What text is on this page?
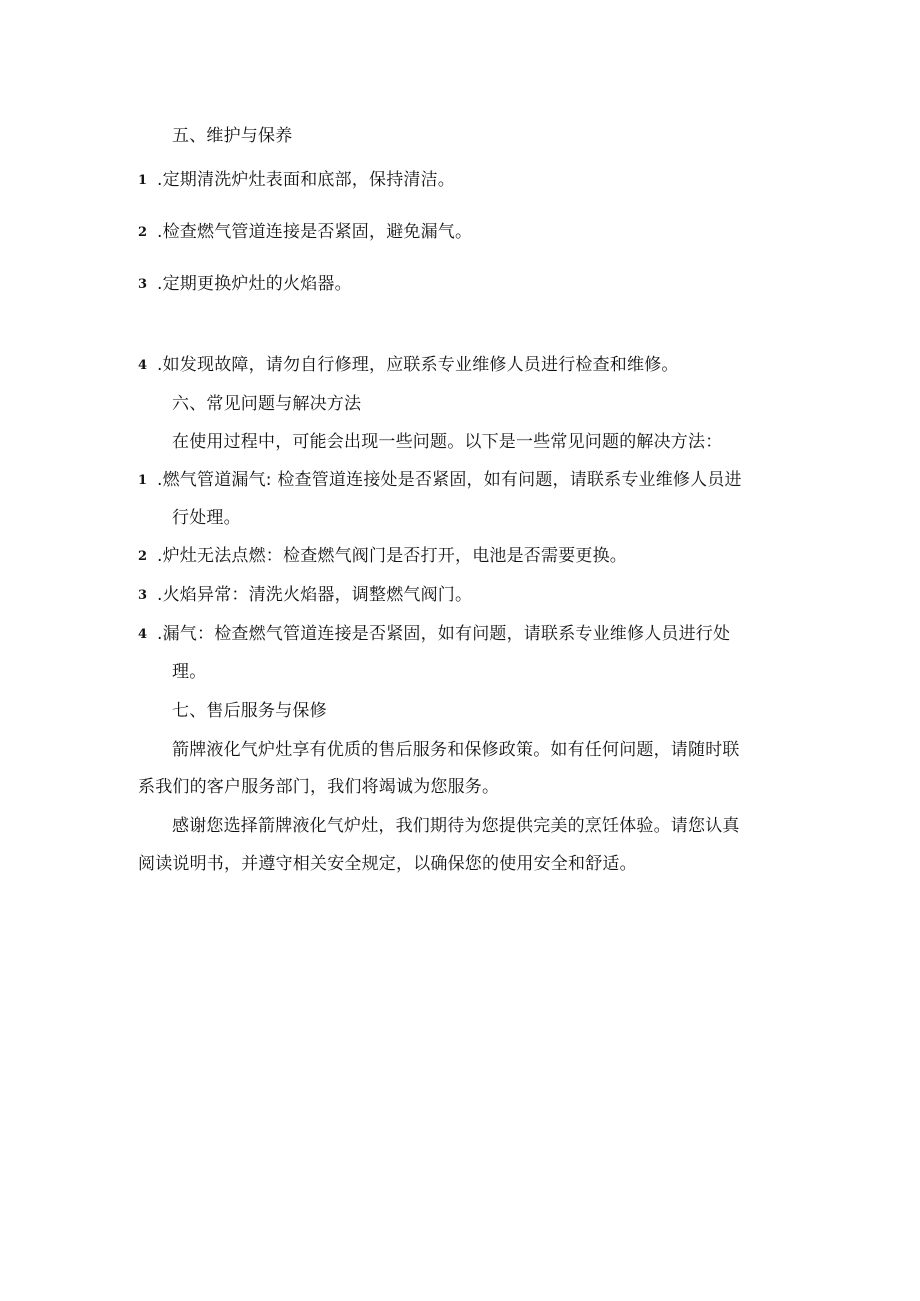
五、维护与保养
1 .定期清洗炉灶表面和底部，保持清洁。
2 .检查燃气管道连接是否紧固，避免漏气。
3 .定期更换炉灶的火焰器。
4 .如发现故障，请勿自行修理，应联系专业维修人员进行检查和维修。
六、常见问题与解决方法
在使用过程中，可能会出现一些问题。以下是一些常见问题的解决方法：
1 .燃气管道漏气: 检查管道连接处是否紧固，如有问题，请联系专业维修人员进
行处理。
2 .炉灶无法点燃：检查燃气阀门是否打开，电池是否需要更换。
3 .火焰异常：清洗火焰器，调整燃气阀门。
4 .漏气：检查燃气管道连接是否紧固，如有问题，请联系专业维修人员进行处
理。
七、售后服务与保修
箭牌液化气炉灶享有优质的售后服务和保修政策。如有任何问题，请随时联
系我们的客户服务部门，我们将竭诚为您服务。
感谢您选择箭牌液化气炉灶，我们期待为您提供完美的烹饪体验。请您认真
阅读说明书，并遵守相关安全规定，以确保您的使用安全和舒适。
